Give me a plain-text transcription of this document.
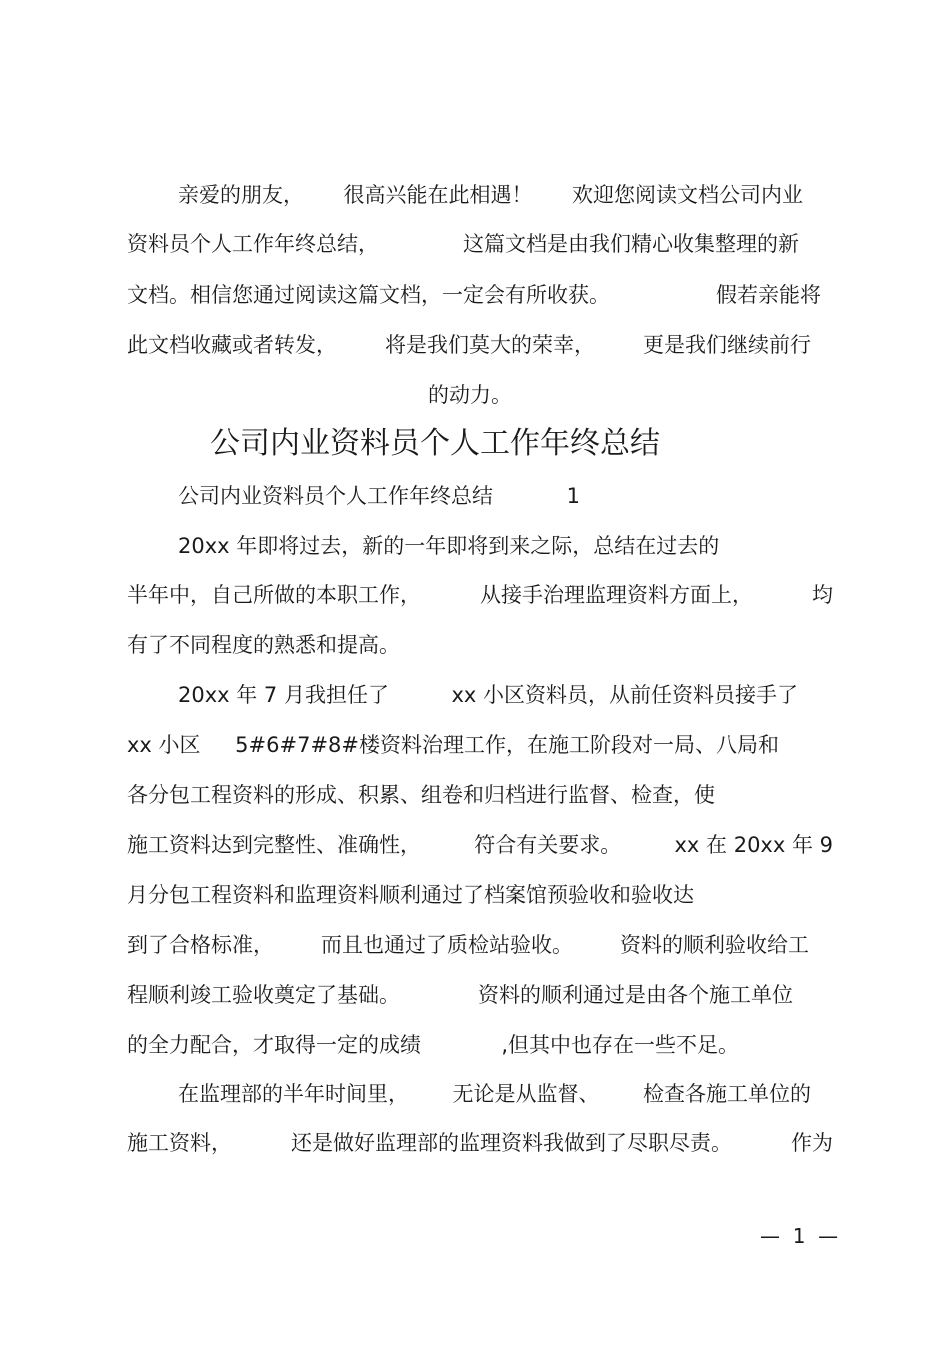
亲爱的朋友， 很高兴能在此相遇！ 欢迎您阅读文档公司内业
资料员个人工作年终总结，	这篇文档是由我们精心收集整理的新
文档。相信您通过阅读这篇文档，一定会有所收获。	假若亲能将
此文档收藏或者转发， 将是我们莫大的荣幸， 更是我们继续前行
的动力。
公司内业资料员个人工作年终总结
公司内业资料员个人工作年终总结	1
20xx 年即将过去，新的一年即将到来之际，总结在过去的
半年中，自己所做的本职工作，	从接手治理监理资料方面上，	均
有了不同程度的熟悉和提高。
20xx 年 7 月我担任了	xx 小区资料员，从前任资料员接手了
xx 小区 5#6#7#8#楼资料治理工作，在施工阶段对一局、八局和
各分包工程资料的形成、积累、组卷和归档进行监督、检查，使
施工资料达到完整性、准确性，	符合有关要求。	xx 在 20xx 年 9
月分包工程资料和监理资料顺利通过了档案馆预验收和验收达
到了合格标准， 而且也通过了质检站验收。 资料的顺利验收给工
程顺利竣工验收奠定了基础。	资料的顺利通过是由各个施工单位
的全力配合，才取得一定的成绩	,但其中也存在一些不足。
在监理部的半年时间里， 无论是从监督、 检查各施工单位的
施工资料，	还是做好监理部的监理资料我做到了尽职尽责。	作为
—  1  —
